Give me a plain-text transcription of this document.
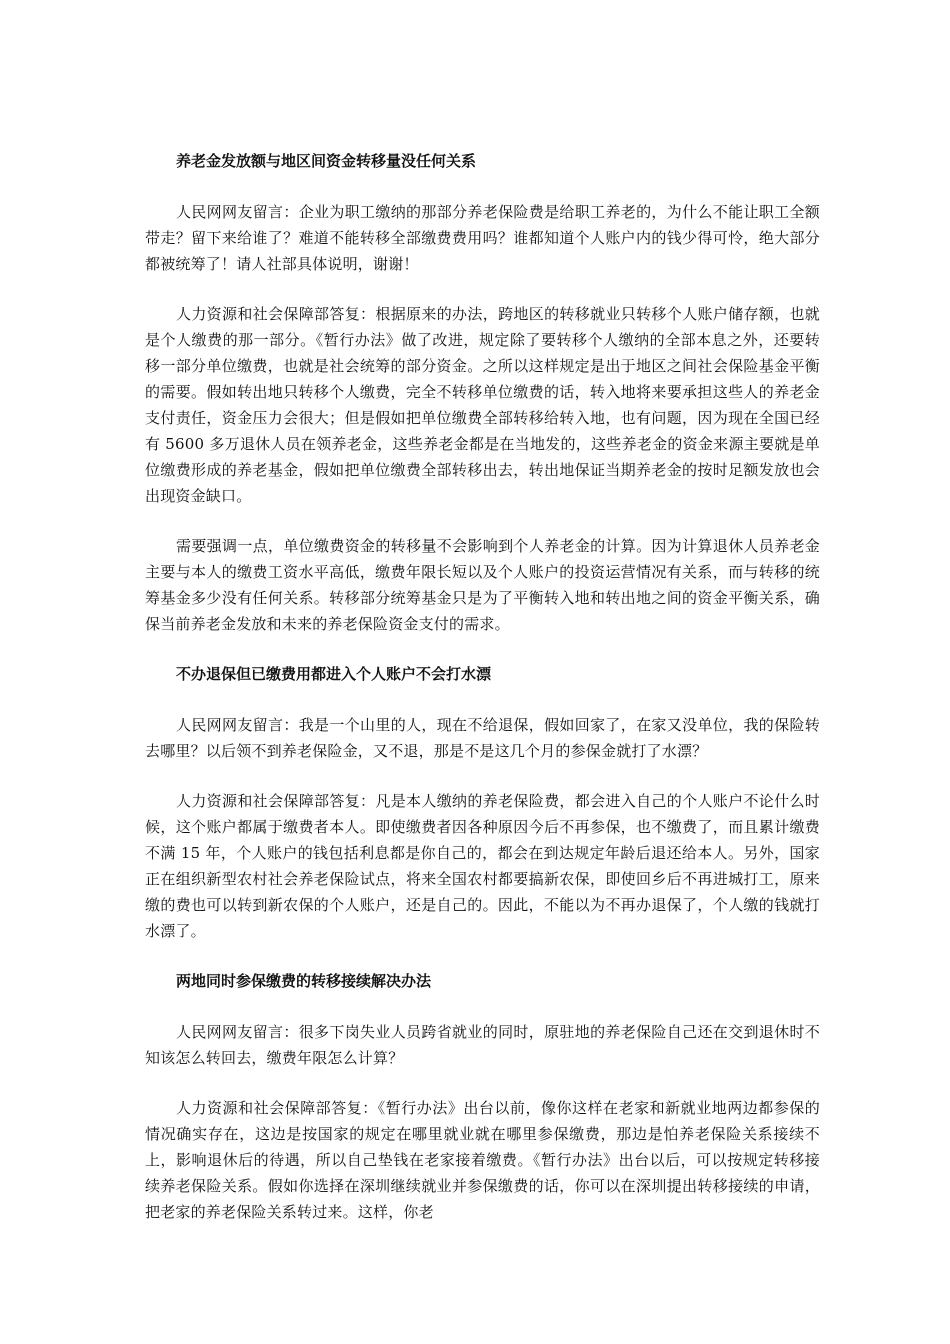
养老金发放额与地区间资金转移量没任何关系

人民网网友留言：企业为职工缴纳的那部分养老保险费是给职工养老的，为什么不能让职工全额带走？留下来给谁了？难道不能转移全部缴费费用吗？谁都知道个人账户内的钱少得可怜，绝大部分都被统筹了！请人社部具体说明，谢谢！

人力资源和社会保障部答复：根据原来的办法，跨地区的转移就业只转移个人账户储存额，也就是个人缴费的那一部分。《暂行办法》做了改进，规定除了要转移个人缴纳的全部本息之外，还要转移一部分单位缴费，也就是社会统筹的部分资金。之所以这样规定是出于地区之间社会保险基金平衡的需要。假如转出地只转移个人缴费，完全不转移单位缴费的话，转入地将来要承担这些人的养老金支付责任，资金压力会很大；但是假如把单位缴费全部转移给转入地，也有问题，因为现在全国已经有 5600 多万退休人员在领养老金，这些养老金都是在当地发的，这些养老金的资金来源主要就是单位缴费形成的养老基金，假如把单位缴费全部转移出去，转出地保证当期养老金的按时足额发放也会出现资金缺口。

需要强调一点，单位缴费资金的转移量不会影响到个人养老金的计算。因为计算退休人员养老金主要与本人的缴费工资水平高低，缴费年限长短以及个人账户的投资运营情况有关系，而与转移的统筹基金多少没有任何关系。转移部分统筹基金只是为了平衡转入地和转出地之间的资金平衡关系，确保当前养老金发放和未来的养老保险资金支付的需求。

不办退保但已缴费用都进入个人账户不会打水漂

人民网网友留言：我是一个山里的人，现在不给退保，假如回家了，在家又没单位，我的保险转去哪里？以后领不到养老保险金，又不退，那是不是这几个月的参保金就打了水漂？

人力资源和社会保障部答复：凡是本人缴纳的养老保险费，都会进入自己的个人账户不论什么时候，这个账户都属于缴费者本人。即使缴费者因各种原因今后不再参保，也不缴费了，而且累计缴费不满 15 年，个人账户的钱包括利息都是你自己的，都会在到达规定年龄后退还给本人。另外，国家正在组织新型农村社会养老保险试点，将来全国农村都要搞新农保，即使回乡后不再进城打工，原来缴的费也可以转到新农保的个人账户，还是自己的。因此，不能以为不再办退保了，个人缴的钱就打水漂了。

两地同时参保缴费的转移接续解决办法

人民网网友留言：很多下岗失业人员跨省就业的同时，原驻地的养老保险自己还在交到退休时不知该怎么转回去，缴费年限怎么计算？

人力资源和社会保障部答复：《暂行办法》出台以前，像你这样在老家和新就业地两边都参保的情况确实存在，这边是按国家的规定在哪里就业就在哪里参保缴费，那边是怕养老保险关系接续不上，影响退休后的待遇，所以自己垫钱在老家接着缴费。《暂行办法》出台以后，可以按规定转移接续养老保险关系。假如你选择在深圳继续就业并参保缴费的话，你可以在深圳提出转移接续的申请，把老家的养老保险关系转过来。这样，你老
